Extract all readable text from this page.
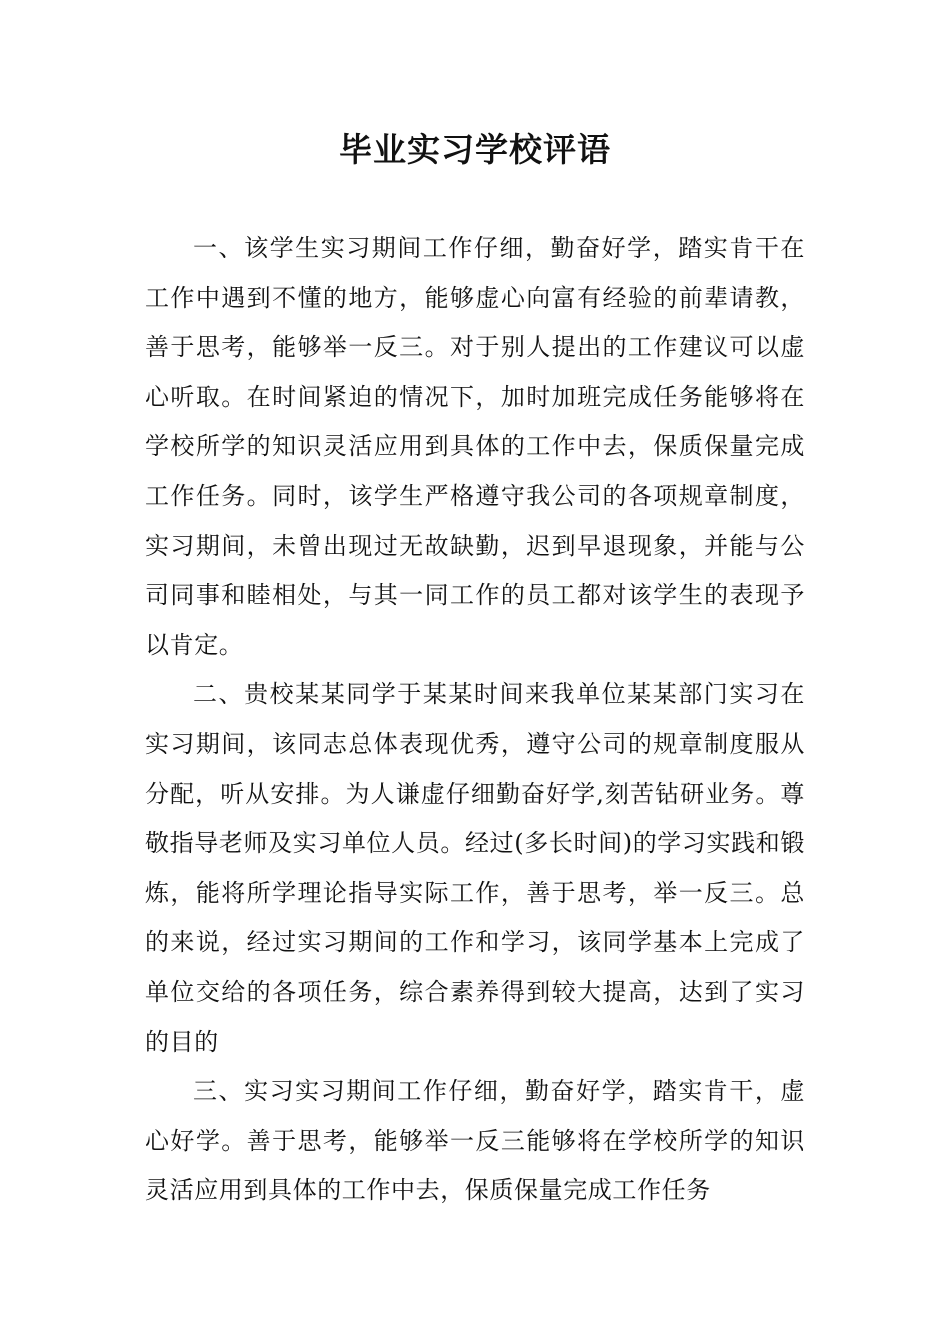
毕业实习学校评语

一、该学生实习期间工作仔细，勤奋好学，踏实肯干在工作中遇到不懂的地方，能够虚心向富有经验的前辈请教，善于思考，能够举一反三。对于别人提出的工作建议可以虚心听取。在时间紧迫的情况下，加时加班完成任务能够将在学校所学的知识灵活应用到具体的工作中去，保质保量完成工作任务。同时，该学生严格遵守我公司的各项规章制度，实习期间，未曾出现过无故缺勤，迟到早退现象，并能与公司同事和睦相处，与其一同工作的员工都对该学生的表现予以肯定。

二、贵校某某同学于某某时间来我单位某某部门实习在实习期间，该同志总体表现优秀，遵守公司的规章制度服从分配，听从安排。为人谦虚仔细勤奋好学,刻苦钻研业务。尊敬指导老师及实习单位人员。经过(多长时间)的学习实践和锻炼，能将所学理论指导实际工作，善于思考，举一反三。总的来说，经过实习期间的工作和学习，该同学基本上完成了单位交给的各项任务，综合素养得到较大提高，达到了实习的目的

三、实习实习期间工作仔细，勤奋好学，踏实肯干，虚心好学。善于思考，能够举一反三能够将在学校所学的知识灵活应用到具体的工作中去，保质保量完成工作任务
